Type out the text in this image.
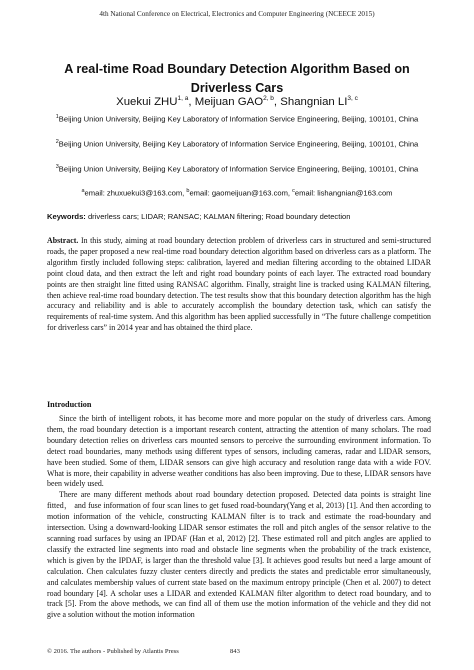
4th National Conference on Electrical, Electronics and Computer Engineering (NCEECE 2015)
A real-time Road Boundary Detection Algorithm Based on Driverless Cars
Xuekui ZHU$^{1, a}$, Meijuan GAO$^{2, b}$, Shangnian LI$^{3, c}$
$^1$Beijing Union University, Beijing Key Laboratory of Information Service Engineering, Beijing, 100101, China
$^2$Beijing Union University, Beijing Key Laboratory of Information Service Engineering, Beijing, 100101, China
$^3$Beijing Union University, Beijing Key Laboratory of Information Service Engineering, Beijing, 100101, China
$^a$email: zhuxuekui3@163.com, $^b$email: gaomeijuan@163.com, $^c$email: lishangnian@163.com
Keywords: driverless cars; LIDAR; RANSAC; KALMAN filtering; Road boundary detection
Abstract. In this study, aiming at road boundary detection problem of driverless cars in structured and semi-structured roads, the paper proposed a new real-time road boundary detection algorithm based on driverless cars as a platform. The algorithm firstly included following steps: calibration, layered and median filtering according to the obtained LIDAR point cloud data, and then extract the left and right road boundary points of each layer. The extracted road boundary points are then straight line fitted using RANSAC algorithm. Finally, straight line is tracked using KALMAN filtering, then achieve real-time road boundary detection. The test results show that this boundary detection algorithm has the high accuracy and reliability and is able to accurately accomplish the boundary detection task, which can satisfy the requirements of real-time system. And this algorithm has been applied successfully in “The future challenge competition for driverless cars” in 2014 year and has obtained the third place.
Introduction

Since the birth of intelligent robots, it has become more and more popular on the study of driverless cars. Among them, the road boundary detection is a important research content, attracting the attention of many scholars. The road boundary detection relies on driverless cars mounted sensors to perceive the surrounding environment information. To detect road boundaries, many methods using different types of sensors, including cameras, radar and LIDAR sensors, have been studied. Some of them, LIDAR sensors can give high accuracy and resolution range data with a wide FOV. What is more, their capability in adverse weather conditions has also been improving. Due to these, LIDAR sensors have been widely used.

There are many different methods about road boundary detection proposed. Detected data points is straight line fitted， and fuse information of four scan lines to get fused road-boundary(Yang et al, 2013) [1]. And then according to motion information of the vehicle, constructing KALMAN filter is to track and estimate the road-boundary and intersection. Using a downward-looking LIDAR sensor estimates the roll and pitch angles of the sensor relative to the scanning road surfaces by using an IPDAF (Han et al, 2012) [2]. These estimated roll and pitch angles are applied to classify the extracted line segments into road and obstacle line segments when the probability of the track existence, which is given by the IPDAF, is larger than the threshold value [3]. It achieves good results but need a large amount of calculation. Chen calculates fuzzy cluster centers directly and predicts the states and predictable error simultaneously, and calculates membership values of current state based on the maximum entropy principle (Chen et al. 2007) to detect road boundary [4]. A scholar uses a LIDAR and extended KALMAN filter algorithm to detect road boundary, and to track [5]. From the above methods, we can find all of them use the motion information of the vehicle and they did not give a solution without the motion information

© 2016. The authors - Published by Atlantis Press	843
